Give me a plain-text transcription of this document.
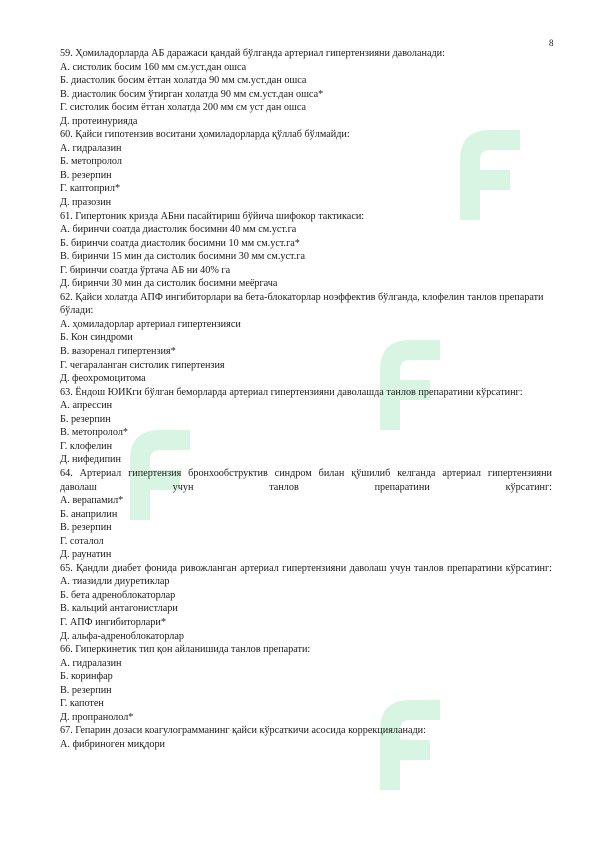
8

59. Ҳомиладорларда АБ даражаси қандай бўлганда артериал гипертензияни даволанади:

А. систолик босим 160 мм см.уст.дан ошса

Б. диастолик босим ёттан холатда 90 мм см.уст.дан ошса

В. диастолик босим ўтирган холатда 90 мм см.уст.дан ошса*

Г. систолик босим ёттан холатда 200 мм см уст дан ошса

Д. протеинурияда

60. Қайси гипотензив воситани ҳомиладорларда қўллаб бўлмайди:

А. гидралазин

Б. метопролол

В. резерпин

Г. каптоприл*

Д. празозин

61. Гипертоник кризда АБни пасайтириш бўйича шифокор тактикаси:

А. биринчи соатда диастолик босимни 40 мм см.уст.га

Б. биринчи соатда диастолик босимни 10 мм см.уст.га*

В. биринчи 15 мин да систолик босимни 30 мм см.уст.га

Г. биринчи соатда ўртача АБ ни 40% га

Д. биринчи 30 мин да систолик босимни меёргача

62. Қайси холатда АПФ ингибиторлари ва бета-блокаторлар ноэффектив бўлганда, клофелин танлов препарати бўлади:

А. ҳомиладорлар артериал гипертензияси

Б. Кон синдроми

В. вазоренал гипертензия*

Г. чегараланган систолик гипертензия

Д. феохромоцитома

63. Ёндош ЮИКги бўлган беморларда артериал гипертензияни даволашда танлов препаратини кўрсатинг:

А. апрессин

Б. резерпин

В. метопролол*

Г. клофелин

Д. нифедипин

64. Артериал гипертензия бронхообструктив синдром билан қўшилиб келганда артериал гипертензияни даволаш учун танлов препаратини кўрсатинг:

А. верапамил*

Б. анаприлин

В. резерпин

Г. соталол

Д. раунатин

65. Қандли диабет фонида ривожланган артериал гипертензияни даволаш учун танлов препаратини кўрсатинг:

А. тиазидли диуретиклар

Б. бета адреноблокаторлар

В. кальций антагонистлари

Г. АПФ ингибиторлари*

Д. альфа-адреноблокаторлар

66. Гиперкинетик тип қон айланишида танлов препарати:

А. гидралазин

Б. коринфар

В. резерпин

Г. капотен

Д. пропранолол*

67. Гепарин дозаси коагулограмманинг қайси кўрсаткичи асосида коррекцияланади:

А. фибриноген миқдори
